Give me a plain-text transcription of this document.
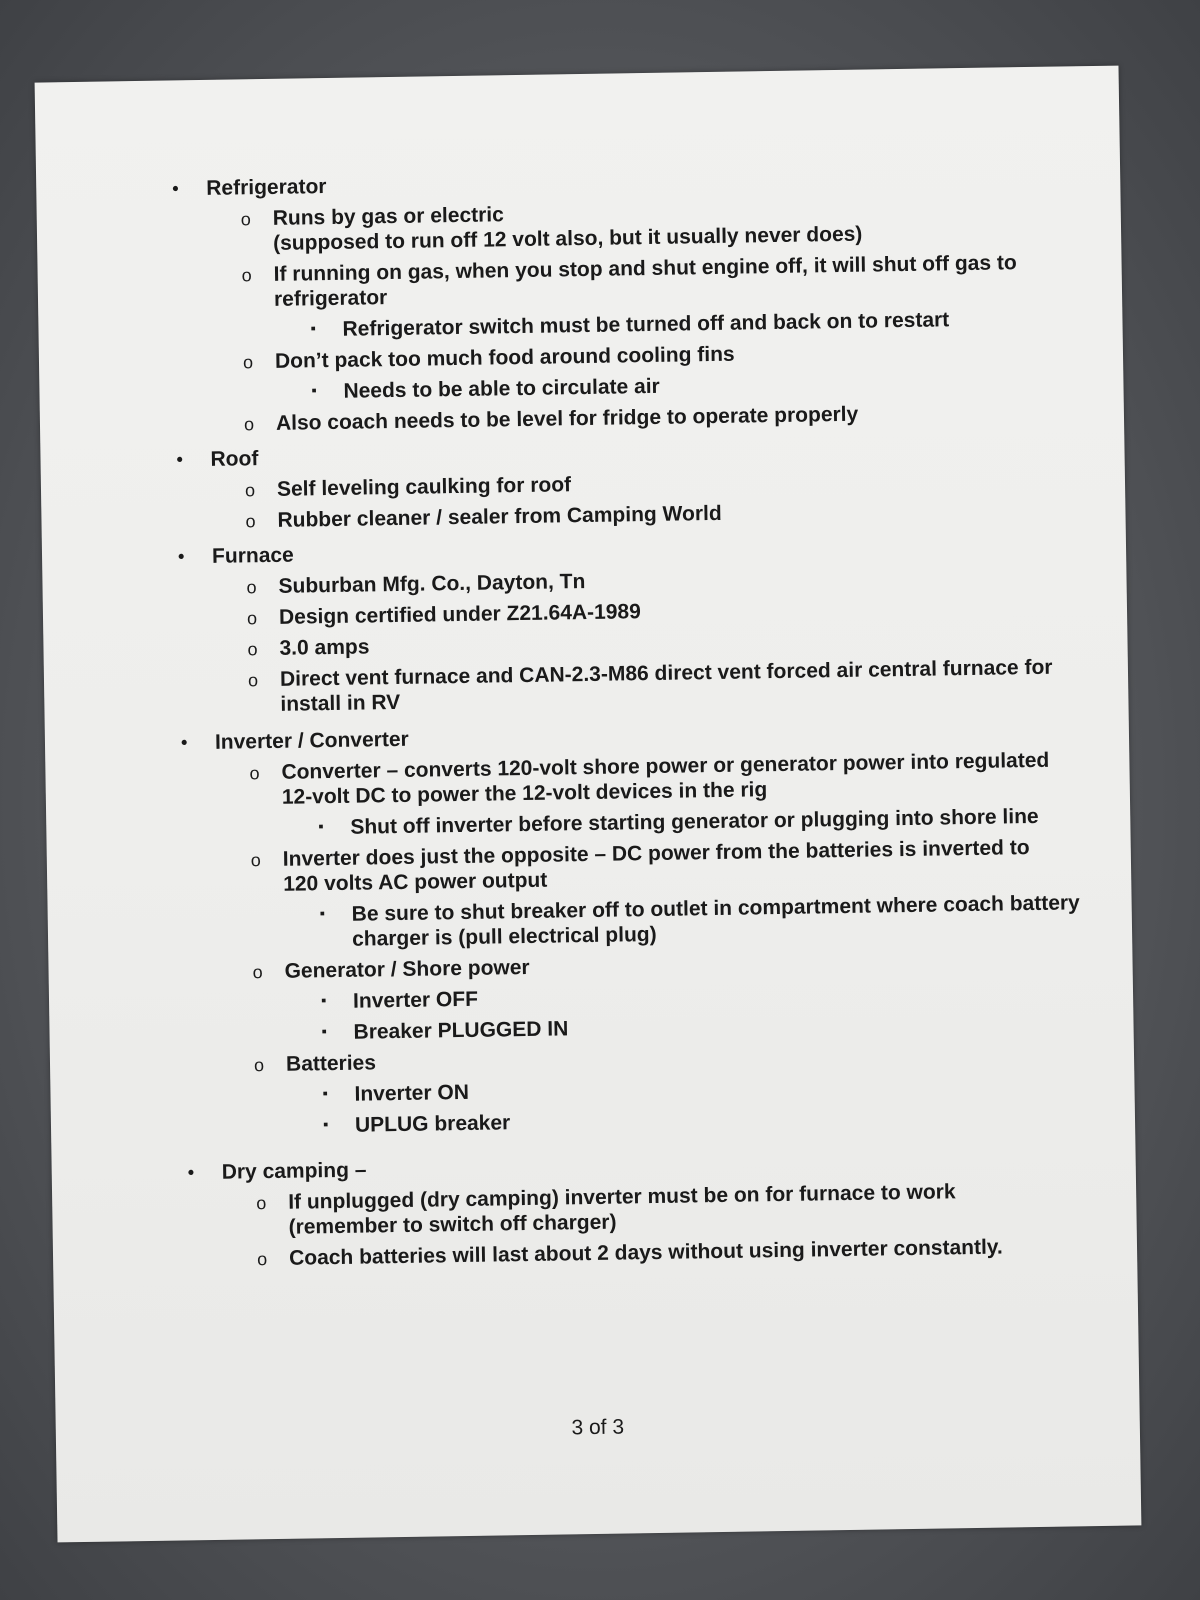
• Refrigerator
o Runs by gas or electric
(supposed to run off 12 volt also, but it usually never does)
o If running on gas, when you stop and shut engine off, it will shut off gas to
refrigerator
▪ Refrigerator switch must be turned off and back on to restart
o Don’t pack too much food around cooling fins
▪ Needs to be able to circulate air
o Also coach needs to be level for fridge to operate properly
• Roof
o Self leveling caulking for roof
o Rubber cleaner / sealer from Camping World
• Furnace
o Suburban Mfg. Co., Dayton, Tn
o Design certified under Z21.64A-1989
o 3.0 amps
o Direct vent furnace and CAN-2.3-M86 direct vent forced air central furnace for
install in RV
• Inverter / Converter
o Converter – converts 120-volt shore power or generator power into regulated
12-volt DC to power the 12-volt devices in the rig
▪ Shut off inverter before starting generator or plugging into shore line
o Inverter does just the opposite – DC power from the batteries is inverted to
120 volts AC power output
▪ Be sure to shut breaker off to outlet in compartment where coach battery charger is (pull electrical plug)
o Generator / Shore power
▪ Inverter OFF
▪ Breaker PLUGGED IN
o Batteries
▪ Inverter ON
▪ UPLUG breaker
• Dry camping –
o If unplugged (dry camping) inverter must be on for furnace to work
(remember to switch off charger)
o Coach batteries will last about 2 days without using inverter constantly.
3 of 3
